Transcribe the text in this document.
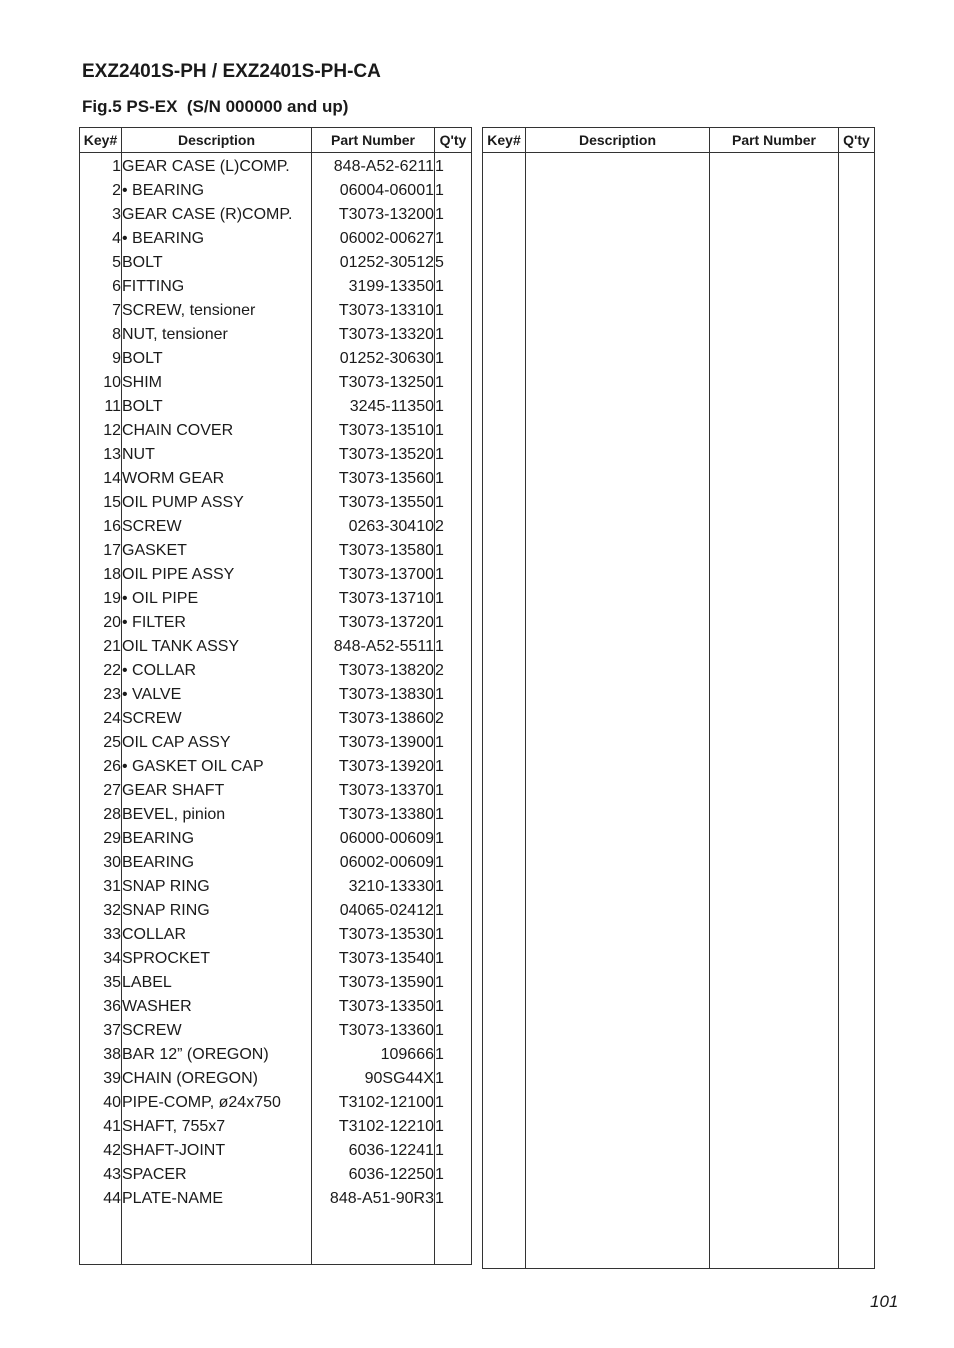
EXZ2401S-PH / EXZ2401S-PH-CA
Fig.5 PS-EX  (S/N 000000 and up)
Key#	Description	Part Number	Q'ty
1	GEAR CASE (L)COMP.	848-A52-6211	1
2	• BEARING	06004-06001	1
3	GEAR CASE (R)COMP.	T3073-13200	1
4	• BEARING	06002-00627	1
5	BOLT	01252-30512	5
6	FITTING	3199-13350	1
7	SCREW, tensioner	T3073-13310	1
8	NUT, tensioner	T3073-13320	1
9	BOLT	01252-30630	1
10	SHIM	T3073-13250	1
11	BOLT	3245-11350	1
12	CHAIN COVER	T3073-13510	1
13	NUT	T3073-13520	1
14	WORM GEAR	T3073-13560	1
15	OIL PUMP ASSY	T3073-13550	1
16	SCREW	0263-30410	2
17	GASKET	T3073-13580	1
18	OIL PIPE ASSY	T3073-13700	1
19	• OIL PIPE	T3073-13710	1
20	• FILTER	T3073-13720	1
21	OIL TANK ASSY	848-A52-5511	1
22	• COLLAR	T3073-13820	2
23	• VALVE	T3073-13830	1
24	SCREW	T3073-13860	2
25	OIL CAP ASSY	T3073-13900	1
26	• GASKET OIL CAP	T3073-13920	1
27	GEAR SHAFT	T3073-13370	1
28	BEVEL, pinion	T3073-13380	1
29	BEARING	06000-00609	1
30	BEARING	06002-00609	1
31	SNAP RING	3210-13330	1
32	SNAP RING	04065-02412	1
33	COLLAR	T3073-13530	1
34	SPROCKET	T3073-13540	1
35	LABEL	T3073-13590	1
36	WASHER	T3073-13350	1
37	SCREW	T3073-13360	1
38	BAR 12” (OREGON)	109666	1
39	CHAIN (OREGON)	90SG44X	1
40	PIPE-COMP, ø24x750	T3102-12100	1
41	SHAFT, 755x7	T3102-12210	1
42	SHAFT-JOINT	6036-12241	1
43	SPACER	6036-12250	1
44	PLATE-NAME	848-A51-90R3	1

Key#	Description	Part Number	Q'ty

101
